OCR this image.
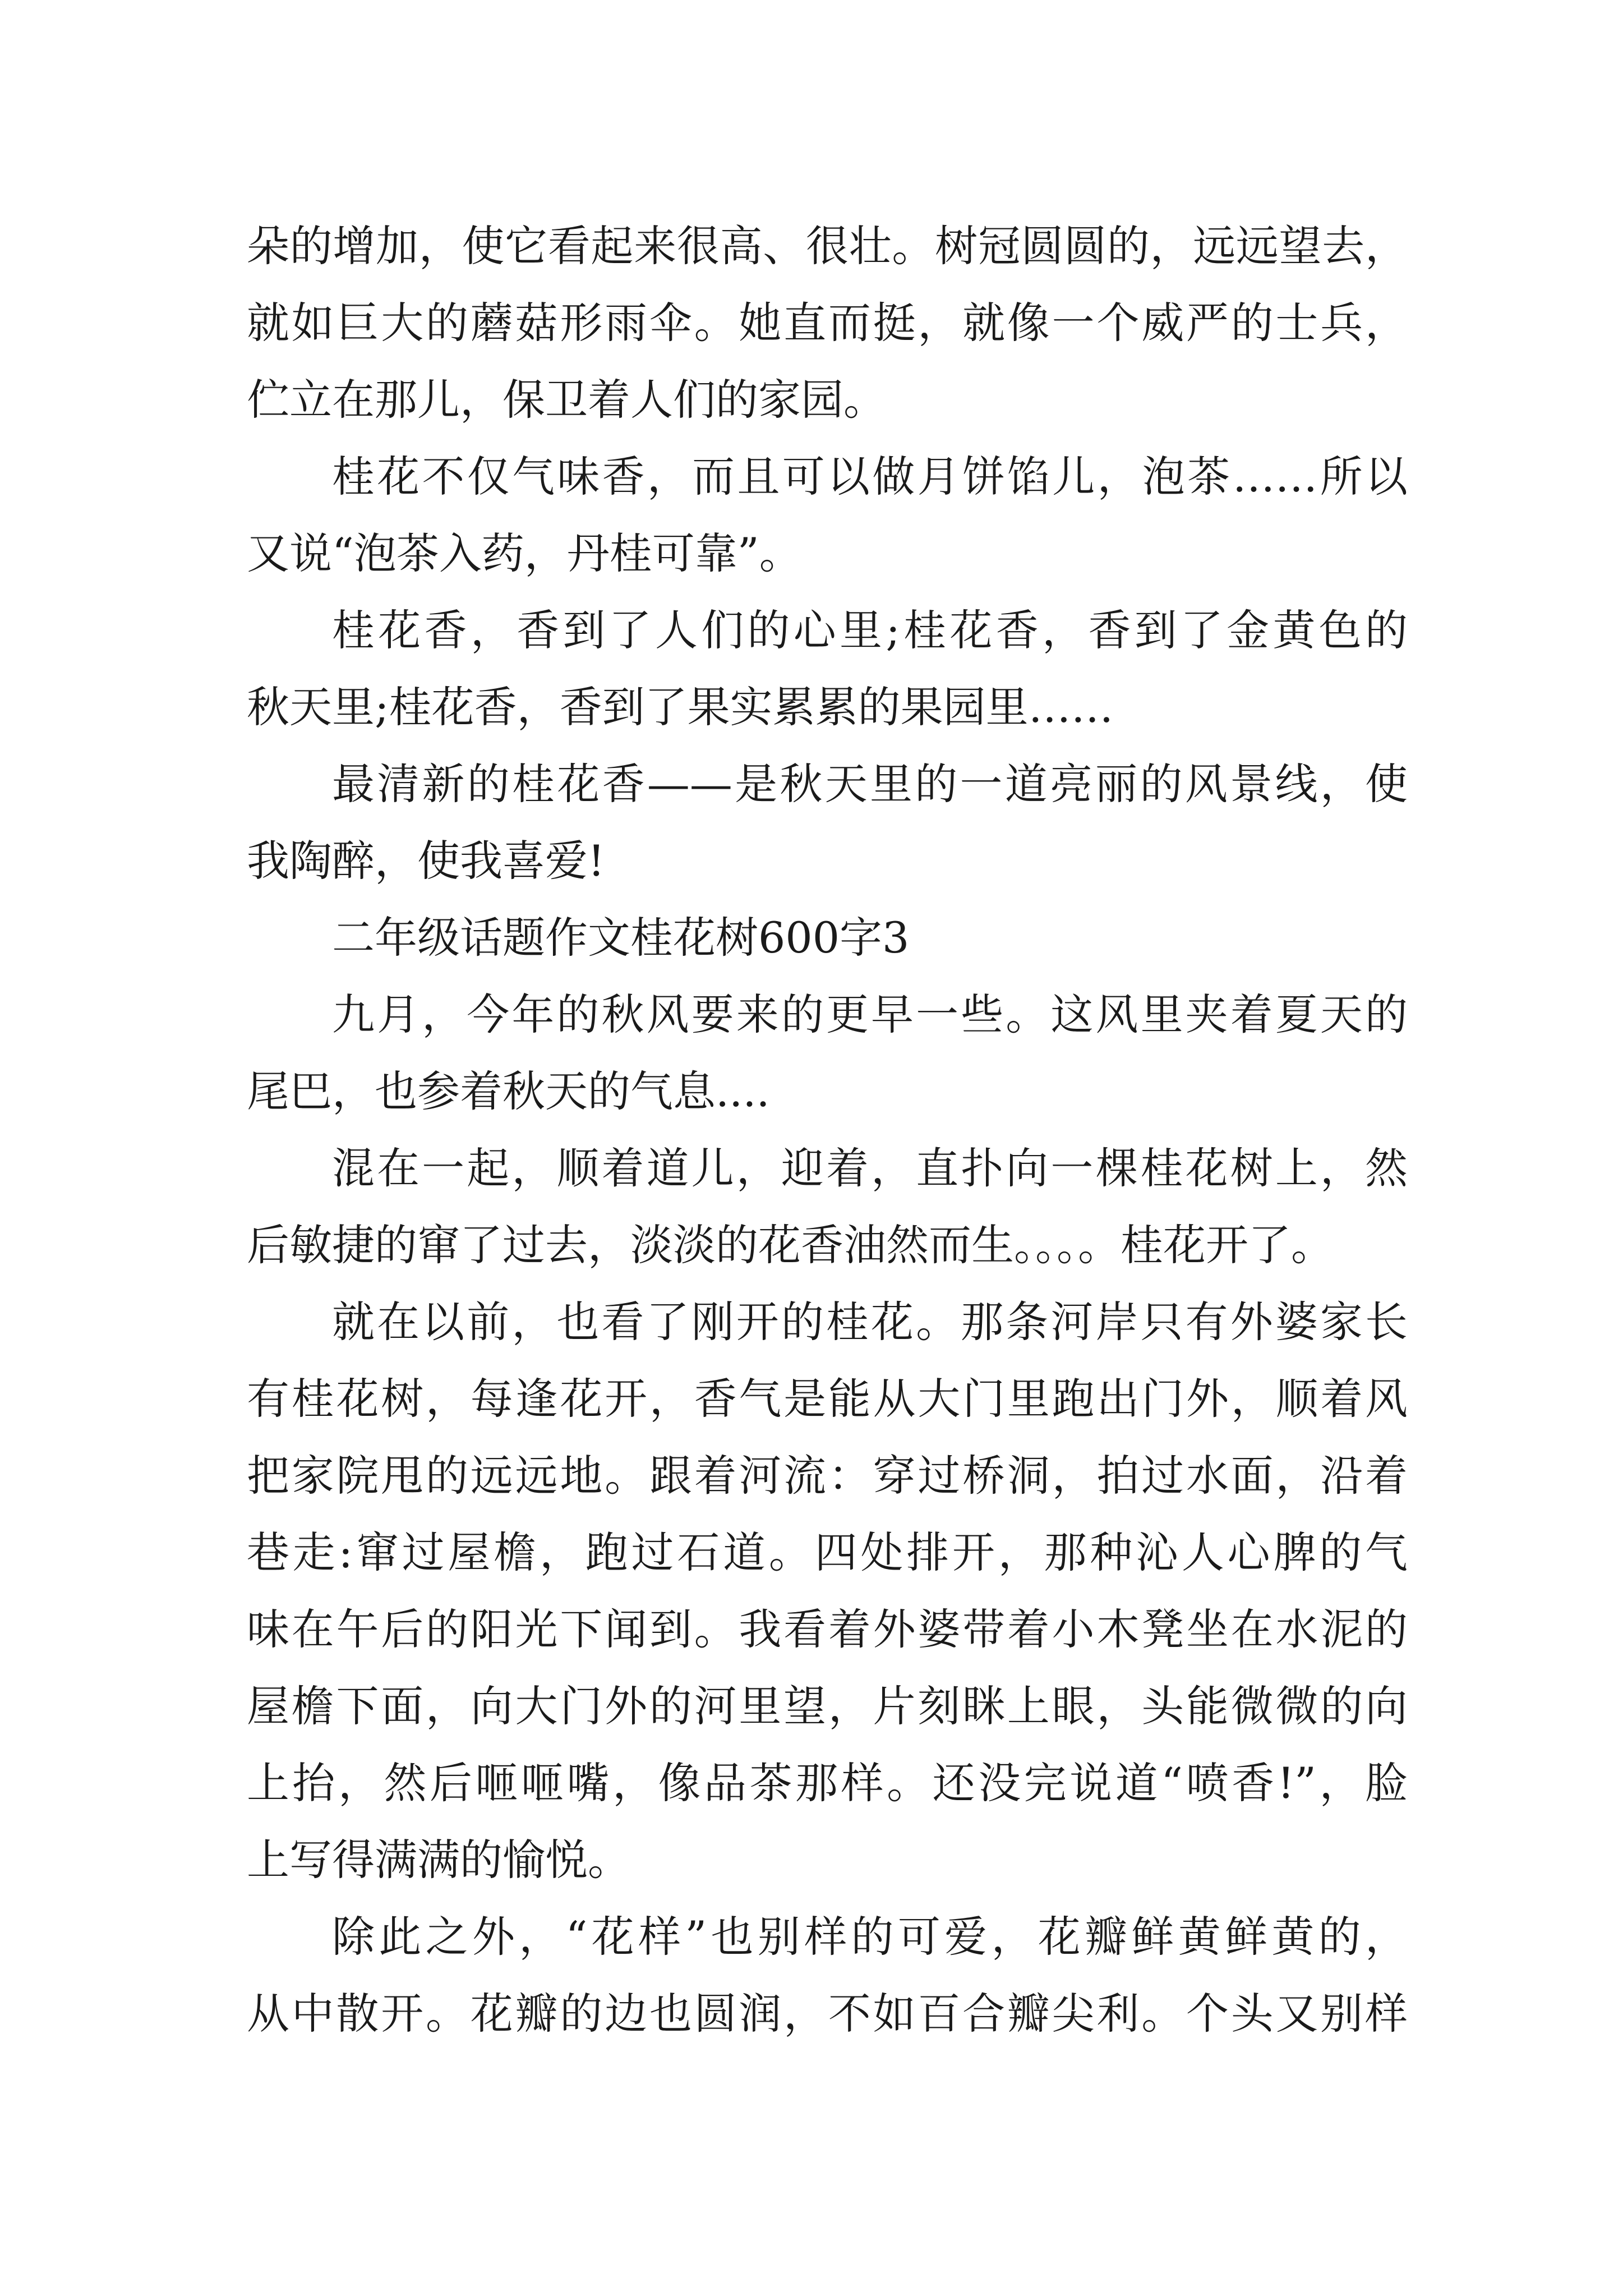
朵的增加，使它看起来很高、很壮。树冠圆圆的，远远望去，
就如巨大的蘑菇形雨伞。她直而挺，就像一个威严的士兵，
伫立在那儿，保卫着人们的家园。
桂花不仅气味香，而且可以做月饼馅儿，泡茶……所以
又说“泡茶入药，丹桂可靠”。
桂花香，香到了人们的心里;桂花香，香到了金黄色的
秋天里;桂花香，香到了果实累累的果园里……
最清新的桂花香——是秋天里的一道亮丽的风景线，使
我陶醉，使我喜爱!
二年级话题作文桂花树600字3
九月，今年的秋风要来的更早一些。这风里夹着夏天的
尾巴，也参着秋天的气息....
混在一起，顺着道儿，迎着，直扑向一棵桂花树上，然
后敏捷的窜了过去，淡淡的花香油然而生。。。。桂花开了。
就在以前，也看了刚开的桂花。那条河岸只有外婆家长
有桂花树，每逢花开，香气是能从大门里跑出门外，顺着风
把家院甩的远远地。跟着河流：穿过桥洞，拍过水面，沿着
巷走:窜过屋檐，跑过石道。四处排开，那种沁人心脾的气
味在午后的阳光下闻到。我看着外婆带着小木凳坐在水泥的
屋檐下面，向大门外的河里望，片刻眯上眼，头能微微的向
上抬，然后咂咂嘴，像品茶那样。还没完说道“喷香!”，脸
上写得满满的愉悦。
除此之外，“花样”也别样的可爱，花瓣鲜黄鲜黄的，
从中散开。花瓣的边也圆润，不如百合瓣尖利。个头又别样
